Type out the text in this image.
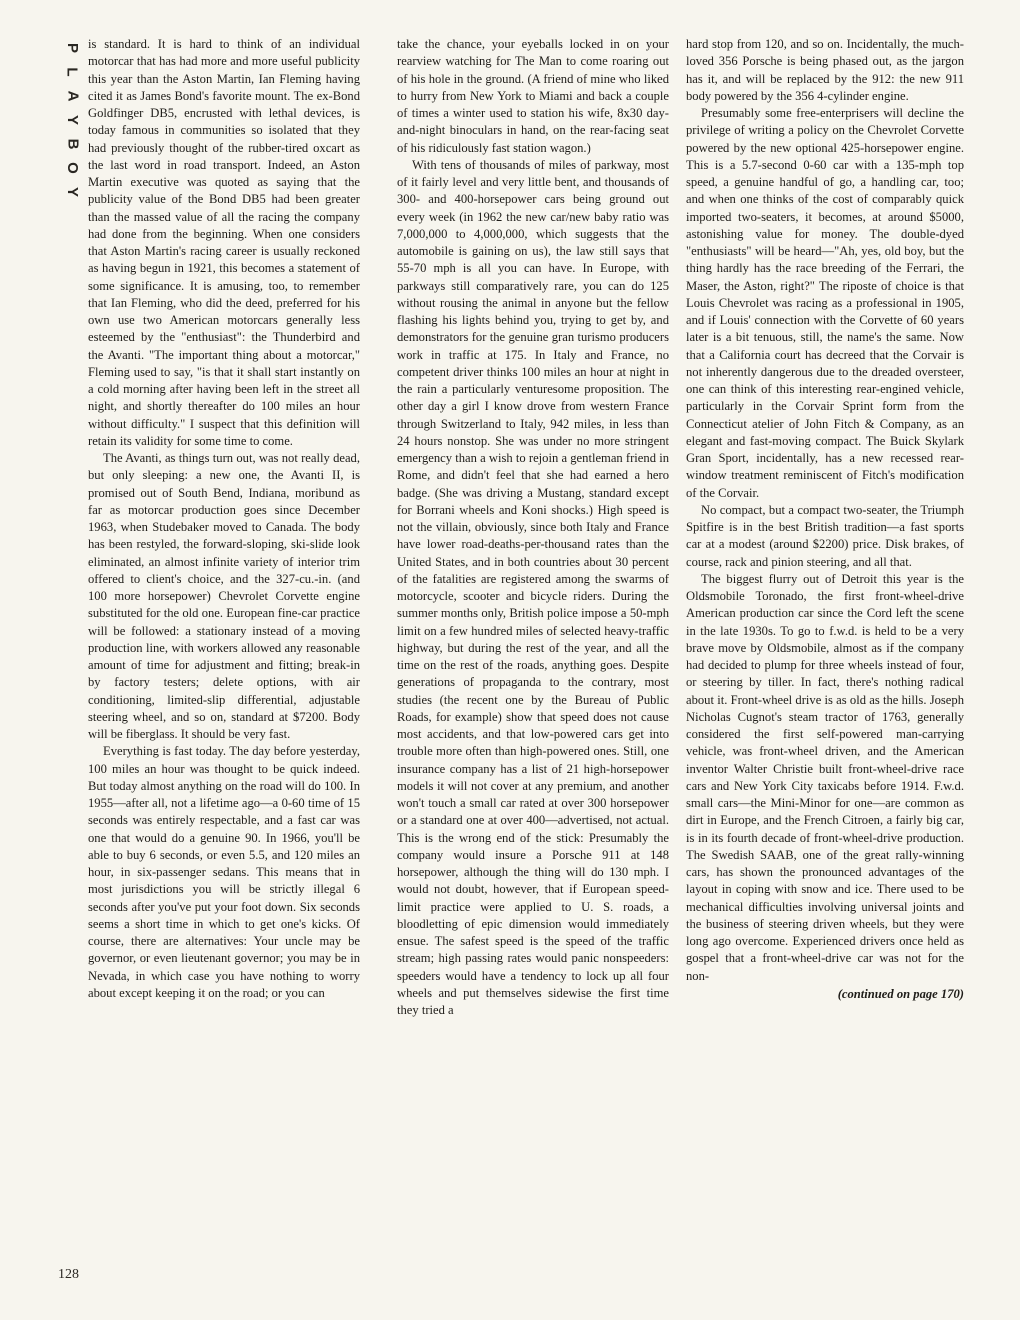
P
L
A
Y
B
O
Y
128

is standard. It is hard to think of an individual motorcar that has had more and more useful publicity this year than the Aston Martin, Ian Fleming having cited it as James Bond's favorite mount. The ex-Bond Goldfinger DB5, encrusted with lethal devices, is today famous in communities so isolated that they had previously thought of the rubber-tired oxcart as the last word in road transport. Indeed, an Aston Martin executive was quoted as saying that the publicity value of the Bond DB5 had been greater than the massed value of all the racing the company had done from the beginning. When one considers that Aston Martin's racing career is usually reckoned as having begun in 1921, this becomes a statement of some significance. It is amusing, too, to remember that Ian Fleming, who did the deed, preferred for his own use two American motorcars generally less esteemed by the "enthusiast": the Thunderbird and the Avanti. "The important thing about a motorcar," Fleming used to say, "is that it shall start instantly on a cold morning after having been left in the street all night, and shortly thereafter do 100 miles an hour without difficulty." I suspect that this definition will retain its validity for some time to come.

The Avanti, as things turn out, was not really dead, but only sleeping: a new one, the Avanti II, is promised out of South Bend, Indiana, moribund as far as motorcar production goes since December 1963, when Studebaker moved to Canada. The body has been restyled, the forward-sloping, ski-slide look eliminated, an almost infinite variety of interior trim offered to client's choice, and the 327-cu.-in. (and 100 more horsepower) Chevrolet Corvette engine substituted for the old one. European fine-car practice will be followed: a stationary instead of a moving production line, with workers allowed any reasonable amount of time for adjustment and fitting; break-in by factory testers; delete options, with air conditioning, limited-slip differential, adjustable steering wheel, and so on, standard at $7200. Body will be fiberglass. It should be very fast.

Everything is fast today. The day before yesterday, 100 miles an hour was thought to be quick indeed. But today almost anything on the road will do 100. In 1955—after all, not a lifetime ago—a 0-60 time of 15 seconds was entirely respectable, and a fast car was one that would do a genuine 90. In 1966, you'll be able to buy 6 seconds, or even 5.5, and 120 miles an hour, in six-passenger sedans. This means that in most jurisdictions you will be strictly illegal 6 seconds after you've put your foot down. Six seconds seems a short time in which to get one's kicks. Of course, there are alternatives: Your uncle may be governor, or even lieutenant governor; you may be in Nevada, in which case you have nothing to worry about except keeping it on the road; or you can

take the chance, your eyeballs locked in on your rearview watching for The Man to come roaring out of his hole in the ground. (A friend of mine who liked to hurry from New York to Miami and back a couple of times a winter used to station his wife, 8x30 day-and-night binoculars in hand, on the rear-facing seat of his ridiculously fast station wagon.)

With tens of thousands of miles of parkway, most of it fairly level and very little bent, and thousands of 300- and 400-horsepower cars being ground out every week (in 1962 the new car/new baby ratio was 7,000,000 to 4,000,000, which suggests that the automobile is gaining on us), the law still says that 55-70 mph is all you can have. In Europe, with parkways still comparatively rare, you can do 125 without rousing the animal in anyone but the fellow flashing his lights behind you, trying to get by, and demonstrators for the genuine gran turismo producers work in traffic at 175. In Italy and France, no competent driver thinks 100 miles an hour at night in the rain a particularly venturesome proposition. The other day a girl I know drove from western France through Switzerland to Italy, 942 miles, in less than 24 hours nonstop. She was under no more stringent emergency than a wish to rejoin a gentleman friend in Rome, and didn't feel that she had earned a hero badge. (She was driving a Mustang, standard except for Borrani wheels and Koni shocks.) High speed is not the villain, obviously, since both Italy and France have lower road-deaths-per-thousand rates than the United States, and in both countries about 30 percent of the fatalities are registered among the swarms of motorcycle, scooter and bicycle riders. During the summer months only, British police impose a 50-mph limit on a few hundred miles of selected heavy-traffic highway, but during the rest of the year, and all the time on the rest of the roads, anything goes. Despite generations of propaganda to the contrary, most studies (the recent one by the Bureau of Public Roads, for example) show that speed does not cause most accidents, and that low-powered cars get into trouble more often than high-powered ones. Still, one insurance company has a list of 21 high-horsepower models it will not cover at any premium, and another won't touch a small car rated at over 300 horsepower or a standard one at over 400—advertised, not actual. This is the wrong end of the stick: Presumably the company would insure a Porsche 911 at 148 horsepower, although the thing will do 130 mph. I would not doubt, however, that if European speed-limit practice were applied to U. S. roads, a bloodletting of epic dimension would immediately ensue. The safest speed is the speed of the traffic stream; high passing rates would panic nonspeeders: speeders would have a tendency to lock up all four wheels and put themselves sidewise the first time they tried a

hard stop from 120, and so on. Incidentally, the much-loved 356 Porsche is being phased out, as the jargon has it, and will be replaced by the 912: the new 911 body powered by the 356 4-cylinder engine.

Presumably some free-enterprisers will decline the privilege of writing a policy on the Chevrolet Corvette powered by the new optional 425-horsepower engine. This is a 5.7-second 0-60 car with a 135-mph top speed, a genuine handful of go, a handling car, too; and when one thinks of the cost of comparably quick imported two-seaters, it becomes, at around $5000, astonishing value for money. The double-dyed "enthusiasts" will be heard—"Ah, yes, old boy, but the thing hardly has the race breeding of the Ferrari, the Maser, the Aston, right?" The riposte of choice is that Louis Chevrolet was racing as a professional in 1905, and if Louis' connection with the Corvette of 60 years later is a bit tenuous, still, the name's the same. Now that a California court has decreed that the Corvair is not inherently dangerous due to the dreaded oversteer, one can think of this interesting rear-engined vehicle, particularly in the Corvair Sprint form from the Connecticut atelier of John Fitch & Company, as an elegant and fast-moving compact. The Buick Skylark Gran Sport, incidentally, has a new recessed rear-window treatment reminiscent of Fitch's modification of the Corvair.

No compact, but a compact two-seater, the Triumph Spitfire is in the best British tradition—a fast sports car at a modest (around $2200) price. Disk brakes, of course, rack and pinion steering, and all that.

The biggest flurry out of Detroit this year is the Oldsmobile Toronado, the first front-wheel-drive American production car since the Cord left the scene in the late 1930s. To go to f.w.d. is held to be a very brave move by Oldsmobile, almost as if the company had decided to plump for three wheels instead of four, or steering by tiller. In fact, there's nothing radical about it. Front-wheel drive is as old as the hills. Joseph Nicholas Cugnot's steam tractor of 1763, generally considered the first self-powered man-carrying vehicle, was front-wheel driven, and the American inventor Walter Christie built front-wheel-drive race cars and New York City taxicabs before 1914. F.w.d. small cars—the Mini-Minor for one—are common as dirt in Europe, and the French Citroen, a fairly big car, is in its fourth decade of front-wheel-drive production. The Swedish SAAB, one of the great rally-winning cars, has shown the pronounced advantages of the layout in coping with snow and ice. There used to be mechanical difficulties involving universal joints and the business of steering driven wheels, but they were long ago overcome. Experienced drivers once held as gospel that a front-wheel-drive car was not for the non-

(continued on page 170)
